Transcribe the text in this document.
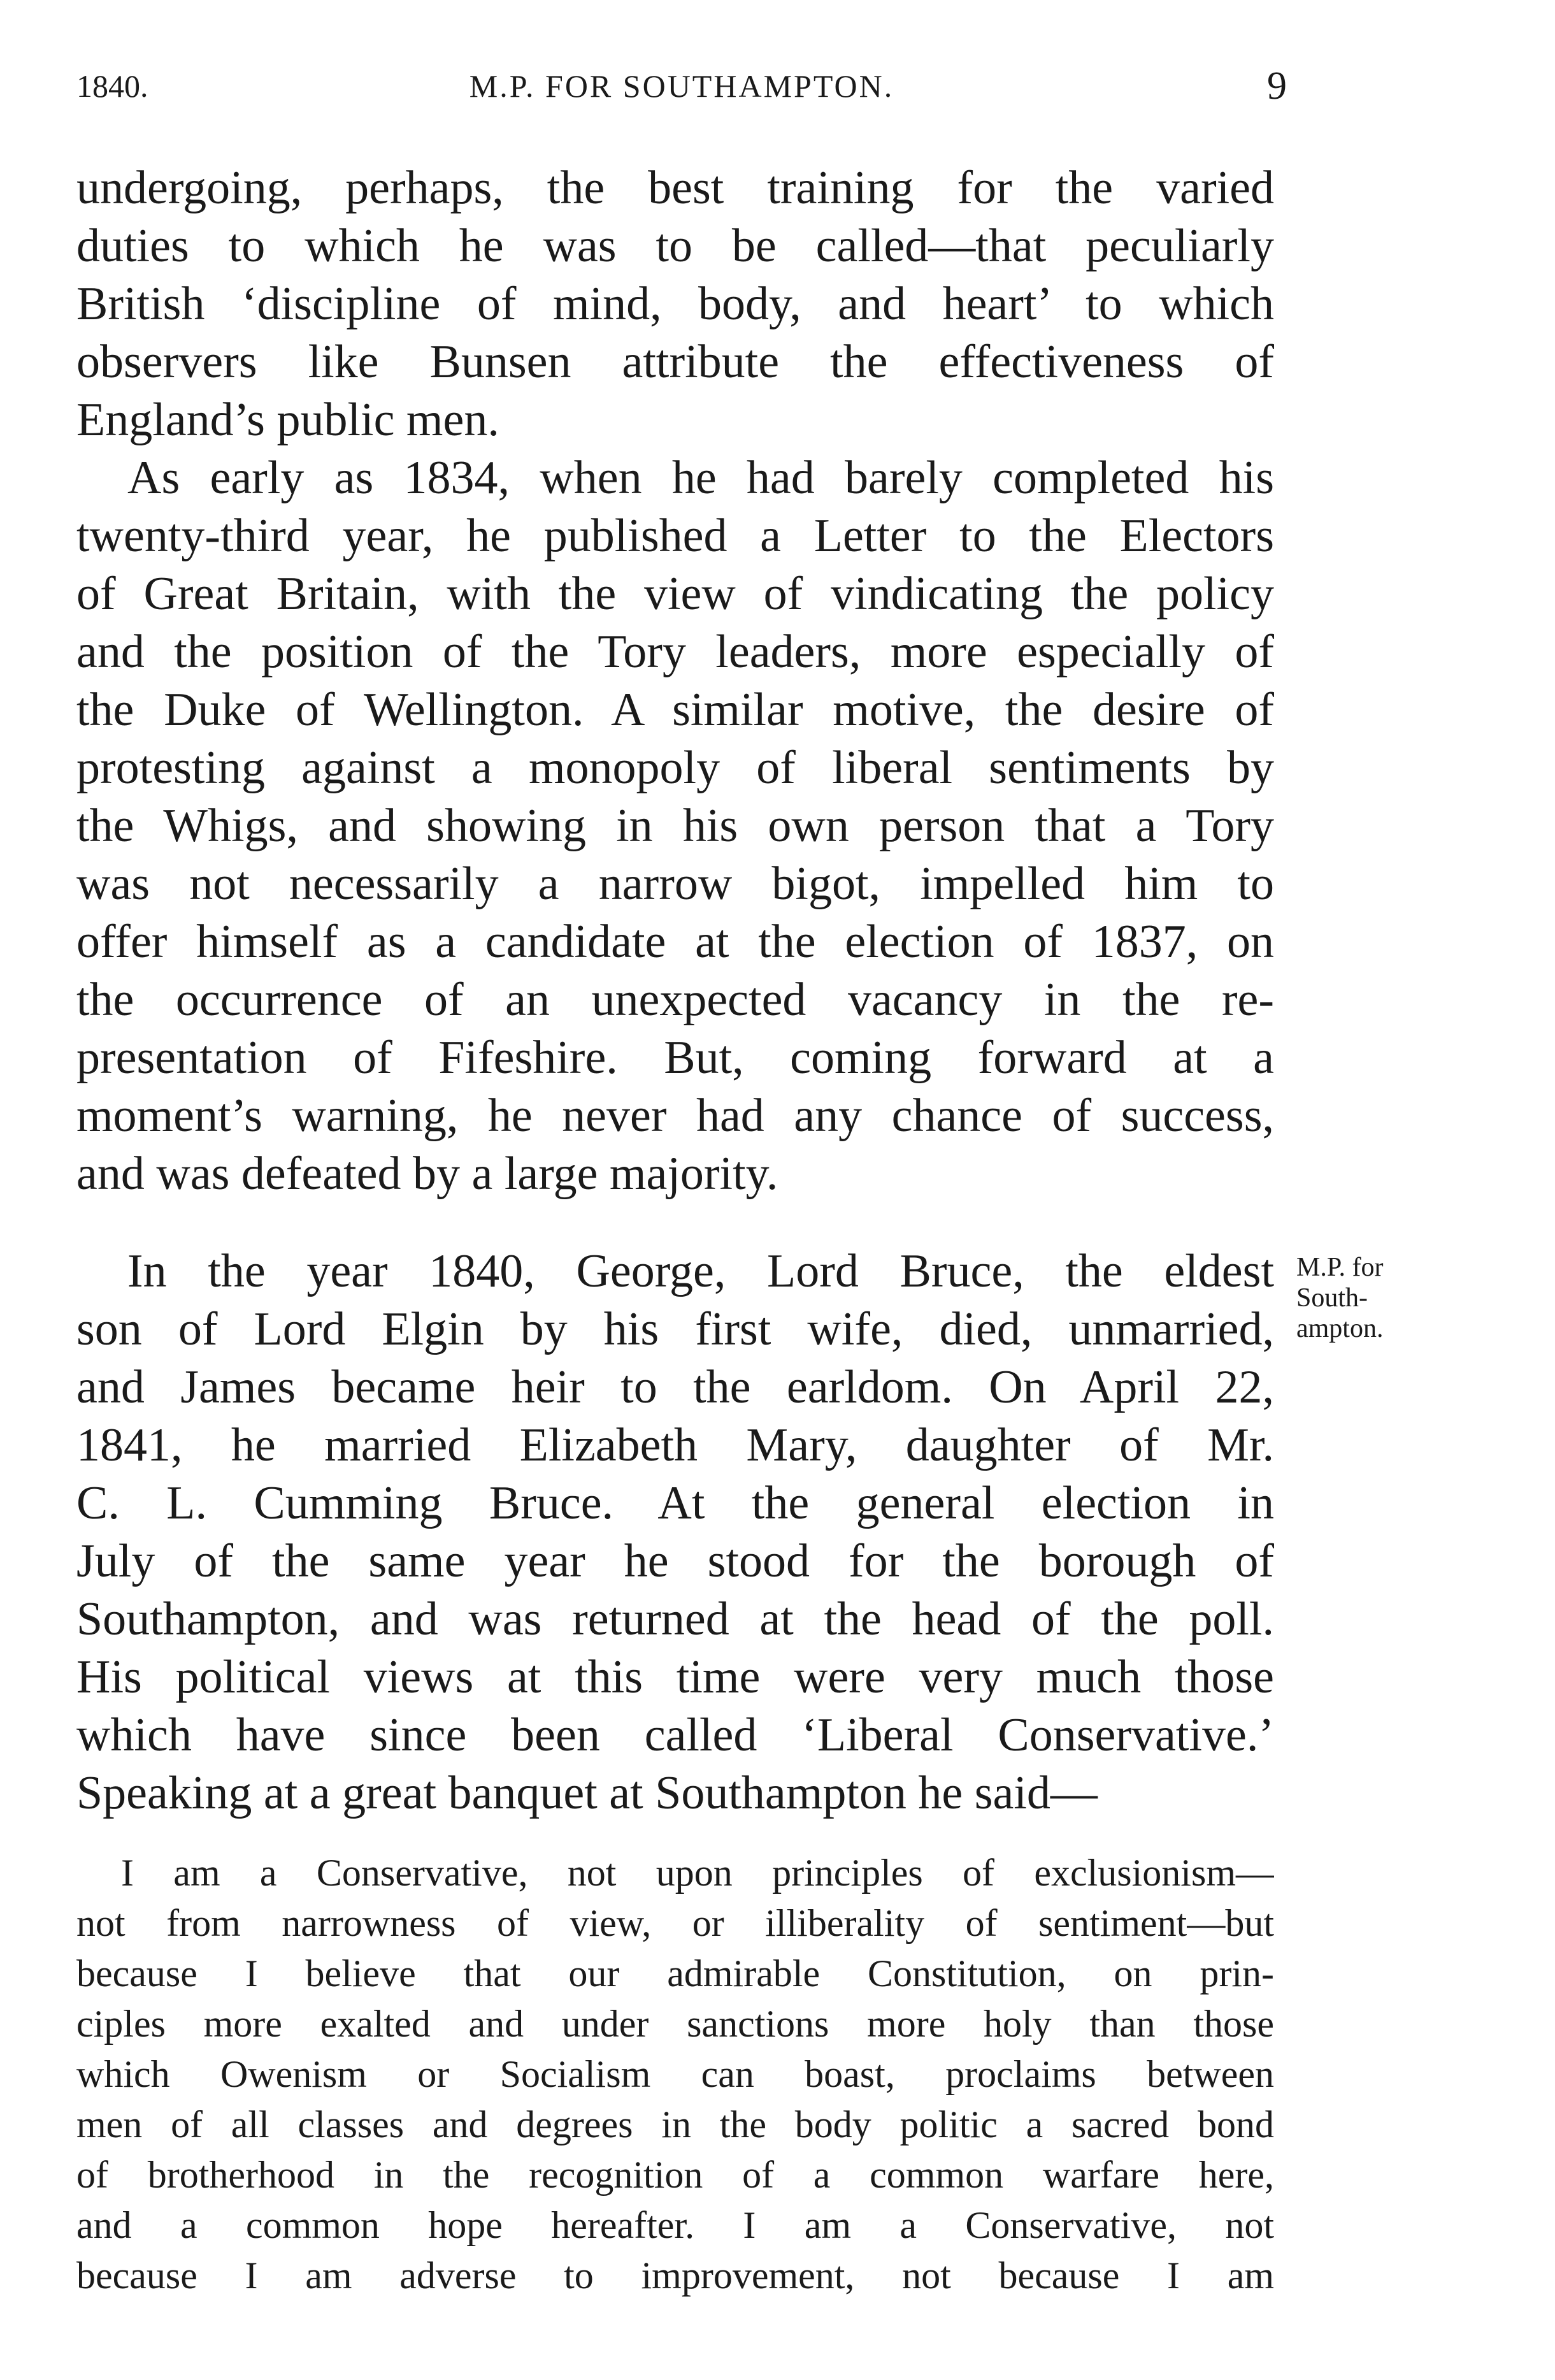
1840.	M.P. FOR SOUTHAMPTON.	9
undergoing, perhaps, the best training for the varied
duties to which he was to be called—that peculiarly
British ‘discipline of mind, body, and heart’ to which
observers like Bunsen attribute the effectiveness of
England’s public men.
As early as 1834, when he had barely completed his
twenty-third year, he published a Letter to the Electors
of Great Britain, with the view of vindicating the policy
and the position of the Tory leaders, more especially of
the Duke of Wellington. A similar motive, the desire of
protesting against a monopoly of liberal sentiments by
the Whigs, and showing in his own person that a Tory
was not necessarily a narrow bigot, impelled him to
offer himself as a candidate at the election of 1837, on
the occurrence of an unexpected vacancy in the re-
presentation of Fifeshire. But, coming forward at a
moment’s warning, he never had any chance of success,
and was defeated by a large majority.
M.P. for
South-
ampton.
In the year 1840, George, Lord Bruce, the eldest
son of Lord Elgin by his first wife, died, unmarried,
and James became heir to the earldom. On April 22,
1841, he married Elizabeth Mary, daughter of Mr.
C. L. Cumming Bruce. At the general election in
July of the same year he stood for the borough of
Southampton, and was returned at the head of the poll.
His political views at this time were very much those
which have since been called ‘Liberal Conservative.’
Speaking at a great banquet at Southampton he said—
I am a Conservative, not upon principles of exclusionism—
not from narrowness of view, or illiberality of sentiment—but
because I believe that our admirable Constitution, on prin-
ciples more exalted and under sanctions more holy than those
which Owenism or Socialism can boast, proclaims between
men of all classes and degrees in the body politic a sacred bond
of brotherhood in the recognition of a common warfare here,
and a common hope hereafter. I am a Conservative, not
because I am adverse to improvement, not because I am
